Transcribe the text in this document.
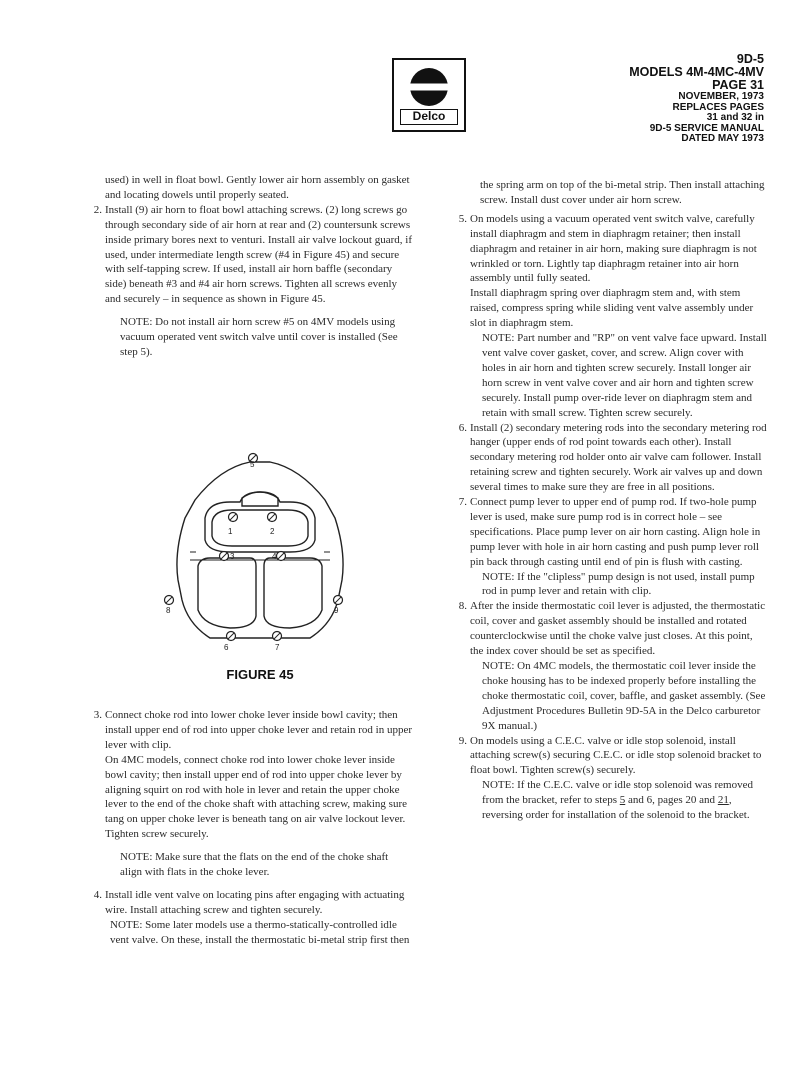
Delco
9D-5
MODELS 4M-4MC-4MV
PAGE 31
NOVEMBER, 1973
REPLACES PAGES
31 and 32 in
9D-5 SERVICE MANUAL
DATED MAY 1973

used) in well in float bowl. Gently lower air horn assembly on gasket and locating dowels until properly seated.

2. Install (9) air horn to float bowl attaching screws. (2) long screws go through secondary side of air horn at rear and (2) countersunk screws inside primary bores next to venturi. Install air valve lockout guard, if used, under intermediate length screw (#4 in Figure 45) and secure with self-tapping screw. If used, install air horn baffle (secondary side) beneath #3 and #4 air horn screws. Tighten all screws evenly and securely – in sequence as shown in Figure 45.

NOTE: Do not install air horn screw #5 on 4MV models using vacuum operated vent switch valve until cover is installed (See step 5).

1	2
3	4
5
6	7
8	9
FIGURE 45

3. Connect choke rod into lower choke lever inside bowl cavity; then install upper end of rod into upper choke lever and retain rod in upper lever with clip.

On 4MC models, connect choke rod into lower choke lever inside bowl cavity; then install upper end of rod into upper choke lever by aligning squirt on rod with hole in lever and retain the upper choke lever to the end of the choke shaft with attaching screw, making sure tang on upper choke lever is beneath tang on air valve lockout lever. Tighten screw securely.

NOTE: Make sure that the flats on the end of the choke shaft align with flats in the choke lever.

4. Install idle vent valve on locating pins after engaging with actuating wire. Install attaching screw and tighten securely.

NOTE: Some later models use a thermo-statically-controlled idle vent valve. On these, install the thermostatic bi-metal strip first then

the spring arm on top of the bi-metal strip. Then install attaching screw. Install dust cover under air horn screw.

5. On models using a vacuum operated vent switch valve, carefully install diaphragm and stem in diaphragm retainer; then install diaphragm and retainer in air horn, making sure diaphragm is not wrinkled or torn. Lightly tap diaphragm retainer into air horn assembly until fully seated.

Install diaphragm spring over diaphragm stem and, with stem raised, compress spring while sliding vent valve assembly under slot in diaphragm stem.

NOTE: Part number and "RP" on vent valve face upward. Install vent valve cover gasket, cover, and screw. Align cover with holes in air horn and tighten screw securely. Install longer air horn screw in vent valve cover and air horn and tighten screw securely. Install pump over-ride lever on diaphragm stem and retain with small screw. Tighten screw securely.

6. Install (2) secondary metering rods into the secondary metering rod hanger (upper ends of rod point towards each other). Install secondary metering rod holder onto air valve cam follower. Install retaining screw and tighten securely. Work air valves up and down several times to make sure they are free in all positions.

7. Connect pump lever to upper end of pump rod. If two-hole pump lever is used, make sure pump rod is in correct hole – see specifications. Place pump lever on air horn casting. Align hole in pump lever with hole in air horn casting and push pump lever roll pin back through casting until end of pin is flush with casting.

NOTE: If the "clipless" pump design is not used, install pump rod in pump lever and retain with clip.

8. After the inside thermostatic coil lever is adjusted, the thermostatic coil, cover and gasket assembly should be installed and rotated counterclockwise until the choke valve just closes. At this point, the index cover should be set as specified.

NOTE: On 4MC models, the thermostatic coil lever inside the choke housing has to be indexed properly before installing the choke thermostatic coil, cover, baffle, and gasket assembly. (See Adjustment Procedures Bulletin 9D-5A in the Delco carburetor 9X manual.)

9. On models using a C.E.C. valve or idle stop solenoid, install attaching screw(s) securing C.E.C. or idle stop solenoid bracket to float bowl. Tighten screw(s) securely.

NOTE: If the C.E.C. valve or idle stop solenoid was removed from the bracket, refer to steps 5 and 6, pages 20 and 21, reversing order for installation of the solenoid to the bracket.
